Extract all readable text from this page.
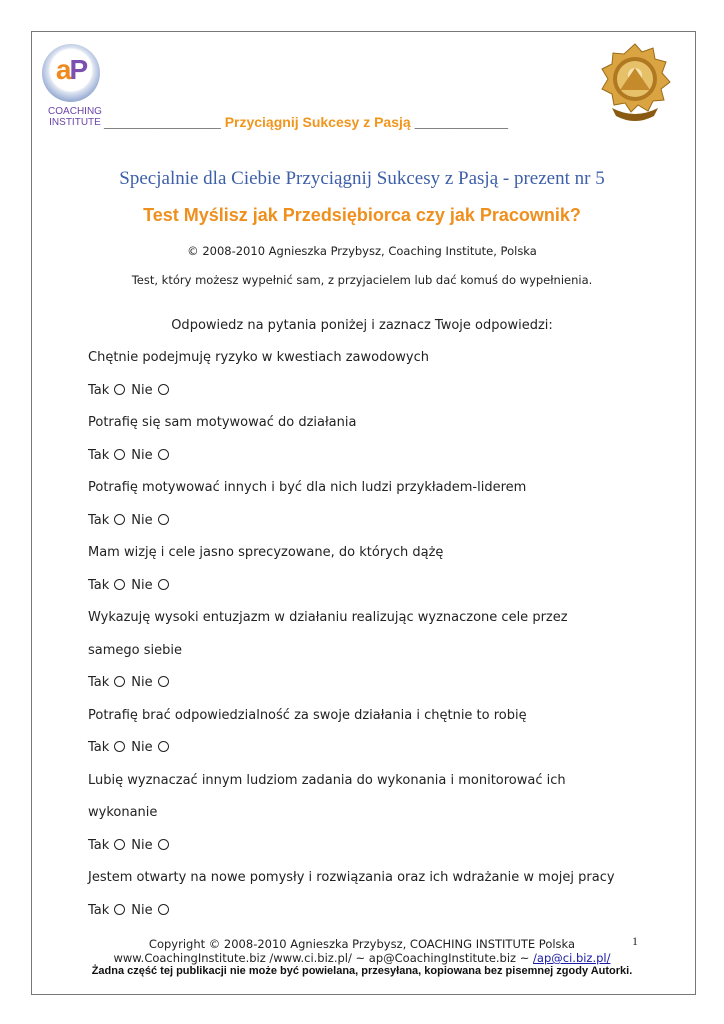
aP
COACHING
INSTITUTE _______________ Przyciągnij Sukcesy z Pasją ____________
Specjalnie dla Ciebie Przyciągnij Sukcesy z Pasją - prezent nr 5
Test Myślisz jak Przedsiębiorca czy jak Pracownik?
© 2008-2010 Agnieszka Przybysz, Coaching Institute, Polska
Test, który możesz wypełnić sam, z przyjacielem lub dać komuś do wypełnienia.
Odpowiedz na pytania poniżej i zaznacz Twoje odpowiedzi:
Chętnie podejmuję ryzyko w kwestiach zawodowych
Tak Nie
Potrafię się sam motywować do działania
Tak Nie
Potrafię motywować innych i być dla nich ludzi przykładem-liderem
Tak Nie
Mam wizję i cele jasno sprecyzowane, do których dążę
Tak Nie
Wykazuję wysoki entuzjazm w działaniu realizując wyznaczone cele przez
samego siebie
Tak Nie
Potrafię brać odpowiedzialność za swoje działania i chętnie to robię
Tak Nie
Lubię wyznaczać innym ludziom zadania do wykonania i monitorować ich
wykonanie
Tak Nie
Jestem otwarty na nowe pomysły i rozwiązania oraz ich wdrażanie w mojej pracy
Tak Nie
Copyright © 2008-2010 Agnieszka Przybysz, COACHING INSTITUTE Polska	1
www.CoachingInstitute.biz /www.ci.biz.pl/ ~ ap@CoachingInstitute.biz ~ /ap@ci.biz.pl/
Żadna część tej publikacji nie może być powielana, przesyłana, kopiowana bez pisemnej zgody Autorki.
